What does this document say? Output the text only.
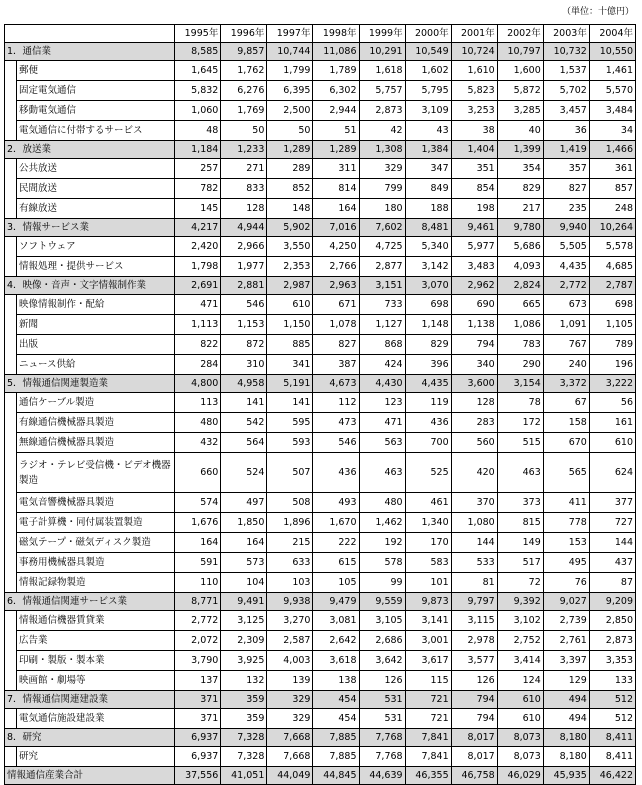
（単位：十億円）
		1995年	1996年	1997年	1998年	1999年	2000年	2001年	2002年	2003年	2004年
1．通信業		8,585	9,857	10,744	11,086	10,291	10,549	10,724	10,797	10,732	10,550
	郵便	1,645	1,762	1,799	1,789	1,618	1,602	1,610	1,600	1,537	1,461
	固定電気通信	5,832	6,276	6,395	6,302	5,757	5,795	5,823	5,872	5,702	5,570
	移動電気通信	1,060	1,769	2,500	2,944	2,873	3,109	3,253	3,285	3,457	3,484
	電気通信に付帯するサービス	48	50	50	51	42	43	38	40	36	34
2．放送業		1,184	1,233	1,289	1,289	1,308	1,384	1,404	1,399	1,419	1,466
	公共放送	257	271	289	311	329	347	351	354	357	361
	民間放送	782	833	852	814	799	849	854	829	827	857
	有線放送	145	128	148	164	180	188	198	217	235	248
3．情報サービス業		4,217	4,944	5,902	7,016	7,602	8,481	9,461	9,780	9,940	10,264
	ソフトウェア	2,420	2,966	3,550	4,250	4,725	5,340	5,977	5,686	5,505	5,578
	情報処理・提供サービス	1,798	1,977	2,353	2,766	2,877	3,142	3,483	4,093	4,435	4,685
4．映像・音声・文字情報制作業		2,691	2,881	2,987	2,963	3,151	3,070	2,962	2,824	2,772	2,787
	映像情報制作・配給	471	546	610	671	733	698	690	665	673	698
	新聞	1,113	1,153	1,150	1,078	1,127	1,148	1,138	1,086	1,091	1,105
	出版	822	872	885	827	868	829	794	783	767	789
	ニュース供給	284	310	341	387	424	396	340	290	240	196
5．情報通信関連製造業		4,800	4,958	5,191	4,673	4,430	4,435	3,600	3,154	3,372	3,222
	通信ケーブル製造	113	141	141	112	123	119	128	78	67	56
	有線通信機械器具製造	480	542	595	473	471	436	283	172	158	161
	無線通信機械器具製造	432	564	593	546	563	700	560	515	670	610
	ラジオ・テレビ受信機・ビデオ機器製造	660	524	507	436	463	525	420	463	565	624
	電気音響機械器具製造	574	497	508	493	480	461	370	373	411	377
	電子計算機・同付属装置製造	1,676	1,850	1,896	1,670	1,462	1,340	1,080	815	778	727
	磁気テープ・磁気ディスク製造	164	164	215	222	192	170	144	149	153	144
	事務用機械器具製造	591	573	633	615	578	583	533	517	495	437
	情報記録物製造	110	104	103	105	99	101	81	72	76	87
6．情報通信関連サービス業		8,771	9,491	9,938	9,479	9,559	9,873	9,797	9,392	9,027	9,209
	情報通信機器賃貸業	2,772	3,125	3,270	3,081	3,105	3,141	3,115	3,102	2,739	2,850
	広告業	2,072	2,309	2,587	2,642	2,686	3,001	2,978	2,752	2,761	2,873
	印刷・製版・製本業	3,790	3,925	4,003	3,618	3,642	3,617	3,577	3,414	3,397	3,353
	映画館・劇場等	137	132	139	138	126	115	126	124	129	133
7．情報通信関連建設業		371	359	329	454	531	721	794	610	494	512
	電気通信施設建設業	371	359	329	454	531	721	794	610	494	512
8．研究		6,937	7,328	7,668	7,885	7,768	7,841	8,017	8,073	8,180	8,411
	研究	6,937	7,328	7,668	7,885	7,768	7,841	8,017	8,073	8,180	8,411
情報通信産業合計		37,556	41,051	44,049	44,845	44,639	46,355	46,758	46,029	45,935	46,422
